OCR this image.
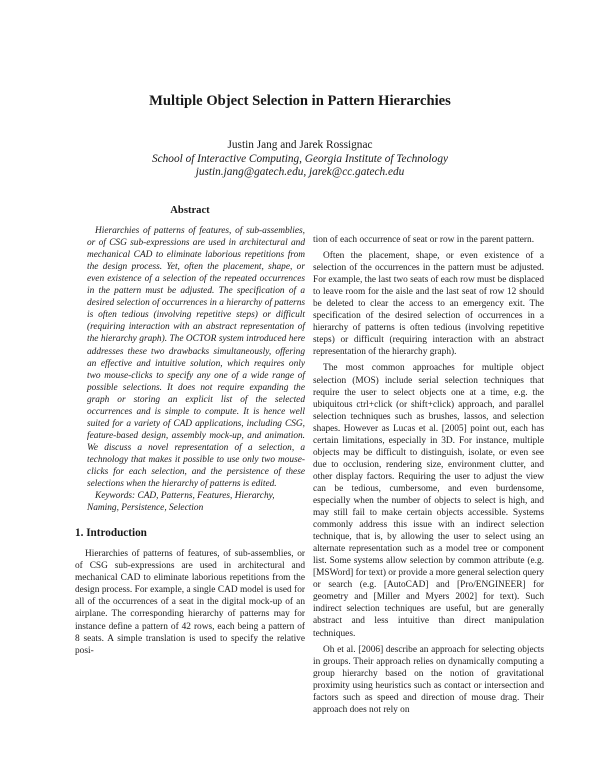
Multiple Object Selection in Pattern Hierarchies
Justin Jang and Jarek Rossignac
School of Interactive Computing, Georgia Institute of Technology
justin.jang@gatech.edu, jarek@cc.gatech.edu
Abstract

Hierarchies of patterns of features, of sub-assemblies, or of CSG sub-expressions are used in architectural and mechanical CAD to eliminate laborious repetitions from the design process. Yet, often the placement, shape, or even existence of a selection of the repeated occurrences in the pattern must be adjusted. The specification of a desired selection of occurrences in a hierarchy of patterns is often tedious (involving repetitive steps) or difficult (requiring interaction with an abstract representation of the hierarchy graph). The OCTOR system introduced here addresses these two drawbacks simultaneously, offering an effective and intuitive solution, which requires only two mouse-clicks to specify any one of a wide range of possible selections. It does not require expanding the graph or storing an explicit list of the selected occurrences and is simple to compute. It is hence well suited for a variety of CAD applications, including CSG, feature-based design, assembly mock-up, and animation. We discuss a novel representation of a selection, a technology that makes it possible to use only two mouse-clicks for each selection, and the persistence of these selections when the hierarchy of patterns is edited.

Keywords: CAD, Patterns, Features, Hierarchy, Naming, Persistence, Selection

1. Introduction

Hierarchies of patterns of features, of sub-assemblies, or of CSG sub-expressions are used in architectural and mechanical CAD to eliminate laborious repetitions from the design process. For example, a single CAD model is used for all of the occurrences of a seat in the digital mock-up of an airplane. The corresponding hierarchy of patterns may for instance define a pattern of 42 rows, each being a pattern of 8 seats. A simple translation is used to specify the relative posi-

tion of each occurrence of seat or row in the parent pattern.

Often the placement, shape, or even existence of a selection of the occurrences in the pattern must be adjusted. For example, the last two seats of each row must be displaced to leave room for the aisle and the last seat of row 12 should be deleted to clear the access to an emergency exit. The specification of the desired selection of occurrences in a hierarchy of patterns is often tedious (involving repetitive steps) or difficult (requiring interaction with an abstract representation of the hierarchy graph).

The most common approaches for multiple object selection (MOS) include serial selection techniques that require the user to select objects one at a time, e.g. the ubiquitous ctrl+click (or shift+click) approach, and parallel selection techniques such as brushes, lassos, and selection shapes. However as Lucas et al. [2005] point out, each has certain limitations, especially in 3D. For instance, multiple objects may be difficult to distinguish, isolate, or even see due to occlusion, rendering size, environment clutter, and other display factors. Requiring the user to adjust the view can be tedious, cumbersome, and even burdensome, especially when the number of objects to select is high, and may still fail to make certain objects accessible. Systems commonly address this issue with an indirect selection technique, that is, by allowing the user to select using an alternate representation such as a model tree or component list. Some systems allow selection by common attribute (e.g. [MSWord] for text) or provide a more general selection query or search (e.g. [AutoCAD] and [Pro/ENGINEER] for geometry and [Miller and Myers 2002] for text). Such indirect selection techniques are useful, but are generally abstract and less intuitive than direct manipulation techniques.

Oh et al. [2006] describe an approach for selecting objects in groups. Their approach relies on dynamically computing a group hierarchy based on the notion of gravitational proximity using heuristics such as contact or intersection and factors such as speed and direction of mouse drag. Their approach does not rely on
